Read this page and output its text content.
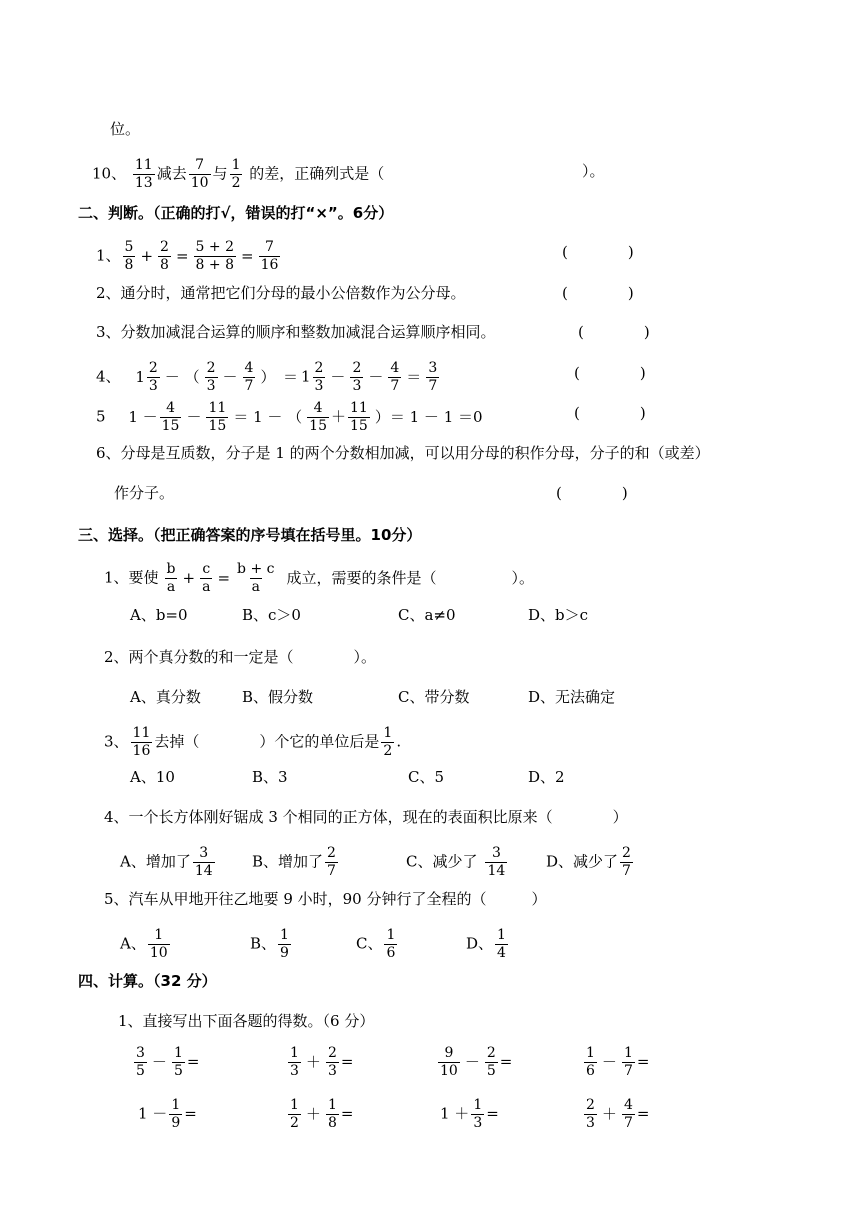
位。
10、 $\frac{11}{13}$ 减去 $\frac{7}{10}$ 与 $\frac{1}{2}$ 的差，正确列式是（	）。
二、判断。（正确的打√，错误的打“×”。6分）
1、 $\frac{5}{8} + \frac{2}{8} = \frac{5 + 2}{8 + 8} = \frac{7}{16}$	(　　　　)
2、通分时，通常把它们分母的最小公倍数作为公分母。	(　　　　)
3、分数加减混合运算的顺序和整数加减混合运算顺序相同。	(　　　　)
4、 $1 \frac{2}{3}$ － （ $\frac{2}{3} - \frac{4}{7}$ ）　＝ $1 \frac{2}{3} - \frac{2}{3} - \frac{4}{7} = \frac{3}{7}$	(　　　　)
5 $1 - \frac{4}{15} - \frac{11}{15} = 1$ － （ $\frac{4}{15} + \frac{11}{15}$ ）＝ 1 － 1 ＝0	(　　　　)
6、分母是互质数，分子是 1 的两个分数相加减，可以用分母的积作分母，分子的和（或差）
作分子。	(　　　　)
三、选择。（把正确答案的序号填在括号里。10分）
1、要使 $\frac{b}{a} + \frac{c}{a} = \frac{b + c}{a}$ 成立，需要的条件是（　　　　　）。
A、b=0	B、c＞0	C、a≠0	D、b＞c
2、两个真分数的和一定是（　　　　）。
A、真分数	B、假分数	C、带分数	D、无法确定
3、 $\frac{11}{16}$ 去掉（　　　　）个它的单位后是 $\frac{1}{2}$ .
A、10	B、3	C、5	D、2
4、一个长方体刚好锯成 3 个相同的正方体，现在的表面积比原来（　　　　）
A、增加了 $\frac{3}{14}$ B、增加了 $\frac{2}{7}$	C、减少了 $\frac{3}{14}$	D、减少了 $\frac{2}{7}$
5、汽车从甲地开往乙地要 9 小时，90 分钟行了全程的（　　　）
A、 $\frac{1}{10}$	B、 $\frac{1}{9}$	C、 $\frac{1}{6}$	D、 $\frac{1}{4}$
四、计算。（32 分）
1、直接写出下面各题的得数。（6 分）
$\frac{3}{5} - \frac{1}{5}$ =	$\frac{1}{3} + \frac{2}{3}$ =	$\frac{9}{10} - \frac{2}{5}$ =	$\frac{1}{6} - \frac{1}{7}$ =
$1 - \frac{1}{9}$ =	$\frac{1}{2} + \frac{1}{8}$ =	$1 + \frac{1}{3}$ =	$\frac{2}{3} + \frac{4}{7}$ =
